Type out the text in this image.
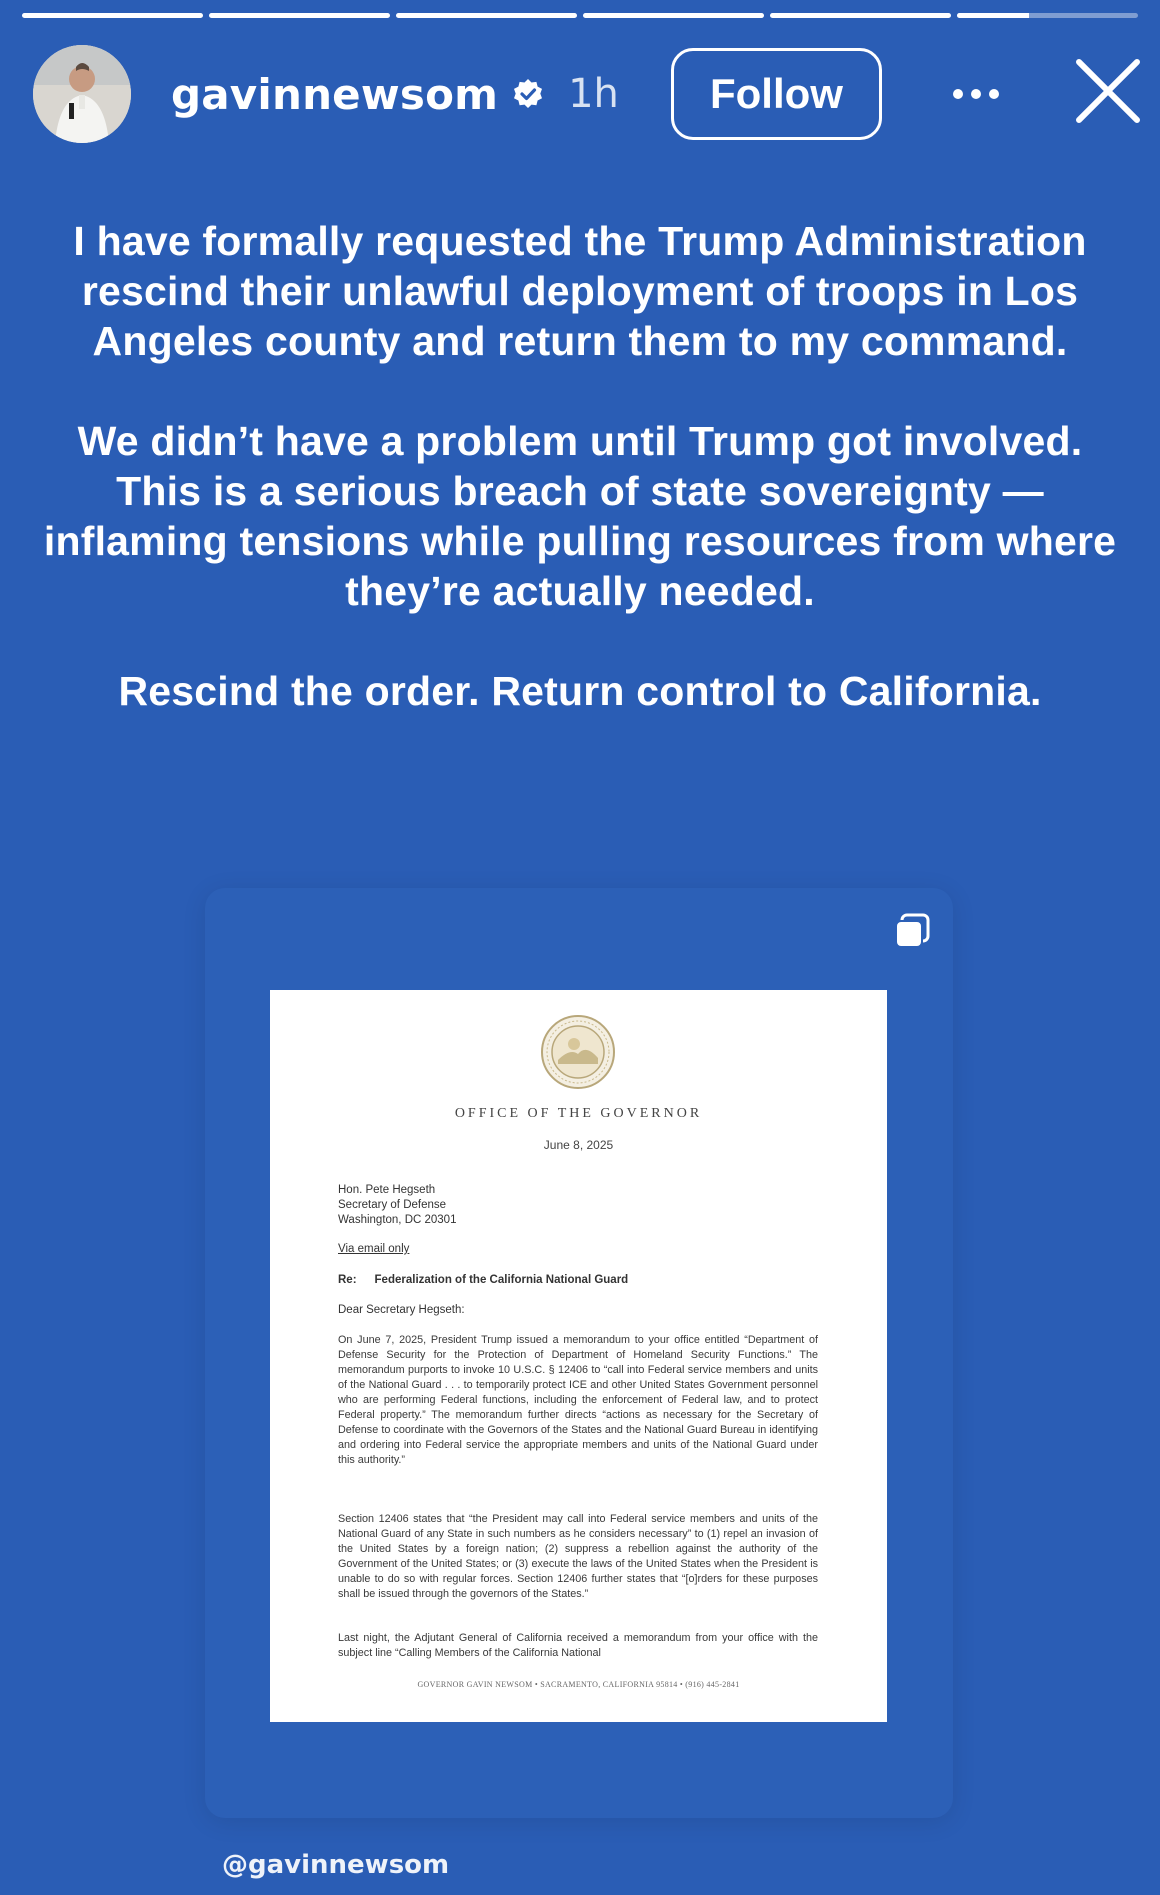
gavinnewsom 1h	Follow

I have formally requested the Trump Administration rescind their unlawful deployment of troops in Los Angeles county and return them to my command.

We didn’t have a problem until Trump got involved. This is a serious breach of state sovereignty — inflaming tensions while pulling resources from where they’re actually needed.

Rescind the order. Return control to California.

OFFICE OF THE GOVERNOR
June 8, 2025
Hon. Pete Hegseth
Secretary of Defense
Washington, DC 20301
Via email only
Re: Federalization of the California National Guard
Dear Secretary Hegseth:

On June 7, 2025, President Trump issued a memorandum to your office entitled “Department of Defense Security for the Protection of Department of Homeland Security Functions.” The memorandum purports to invoke 10 U.S.C. § 12406 to “call into Federal service members and units of the National Guard . . . to temporarily protect ICE and other United States Government personnel who are performing Federal functions, including the enforcement of Federal law, and to protect Federal property.” The memorandum further directs “actions as necessary for the Secretary of Defense to coordinate with the Governors of the States and the National Guard Bureau in identifying and ordering into Federal service the appropriate members and units of the National Guard under this authority.”

Section 12406 states that “the President may call into Federal service members and units of the National Guard of any State in such numbers as he considers necessary” to (1) repel an invasion of the United States by a foreign nation; (2) suppress a rebellion against the authority of the Government of the United States; or (3) execute the laws of the United States when the President is unable to do so with regular forces. Section 12406 further states that “[o]rders for these purposes shall be issued through the governors of the States.”

Last night, the Adjutant General of California received a memorandum from your office with the subject line “Calling Members of the California National

GOVERNOR GAVIN NEWSOM • SACRAMENTO, CALIFORNIA 95814 • (916) 445-2841
@gavinnewsom
